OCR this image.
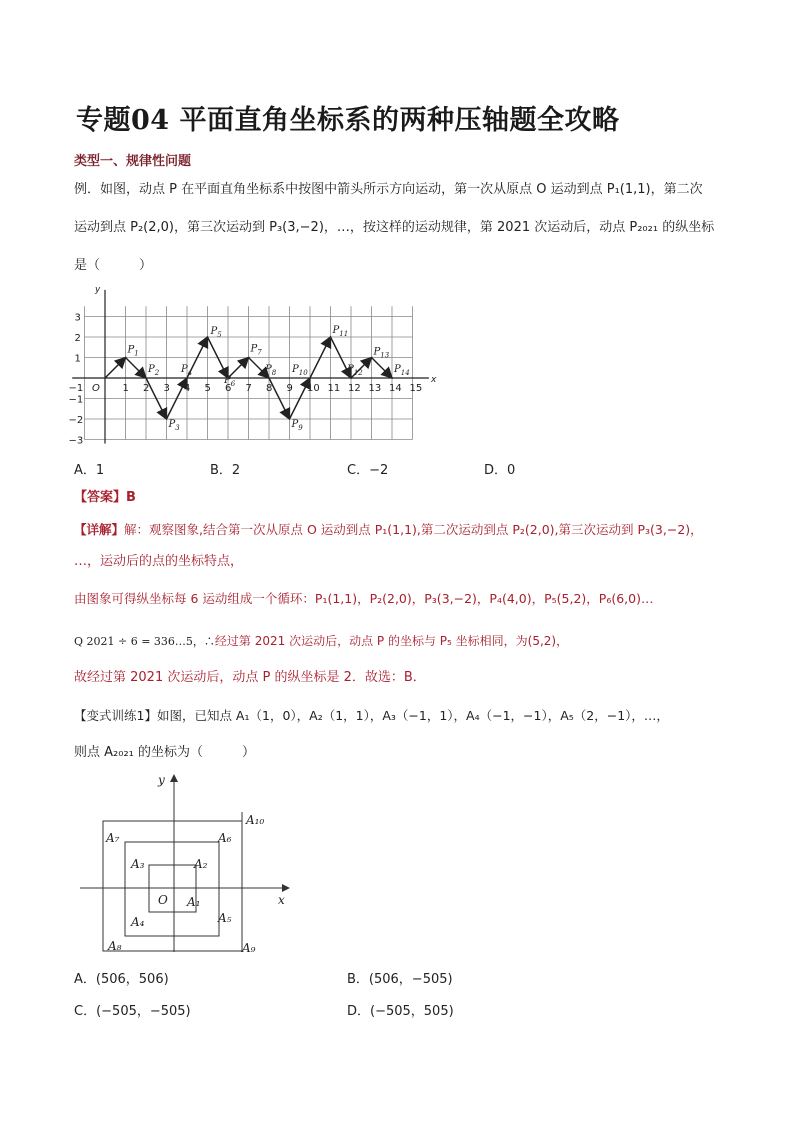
专题04 平面直角坐标系的两种压轴题全攻略
类型一、规律性问题
例．如图，动点 P 在平面直角坐标系中按图中箭头所示方向运动，第一次从原点 O 运动到点 P₁(1,1)，第二次
运动到点 P₂(2,0)，第三次运动到 P₃(3,−2)，…，按这样的运动规律，第 2021 次运动后，动点 P₂₀₂₁ 的纵坐标
是（　　　）
−1 O 1 2 3 4 5 6 7 8 9 10 11 12 13 14 15
x
y
3
2
1
−1
−2
−3
$P_1$
$P_2$
$P_3$
$P_4$
$P_5$
$P_6$
$P_7$
$P_8$
$P_9$
$P_{10}$
$P_{11}$
$P_{12}$
$P_{13}$
$P_{14}$
A．1	B．2	C．−2	D．0
【答案】B
【详解】解：观察图象,结合第一次从原点 O 运动到点 P₁(1,1),第二次运动到点 P₂(2,0),第三次运动到 P₃(3,−2)，
…，运动后的点的坐标特点，
由图象可得纵坐标每 6 运动组成一个循环：P₁(1,1)，P₂(2,0)，P₃(3,−2)，P₄(4,0)，P₅(5,2)，P₆(6,0)…
Q 2021 ÷ 6 = 336…5，∴经过第 2021 次运动后，动点 P 的坐标与 P₅ 坐标相同，为(5,2)，
故经过第 2021 次运动后，动点 P 的纵坐标是 2．故选：B．
【变式训练1】如图，已知点 A₁（1，0），A₂（1，1），A₃（−1，1），A₄（−1，−1），A₅（2，−1），…，
则点 A₂₀₂₁ 的坐标为（　　　）
y
x
O A₁
A₂
A₃
A₄	A₅
A₆
A₇
A₈	A₉
A₁₀
A．(506，506)	B．(506，−505)
C．(−505，−505)	D．(−505，505)
